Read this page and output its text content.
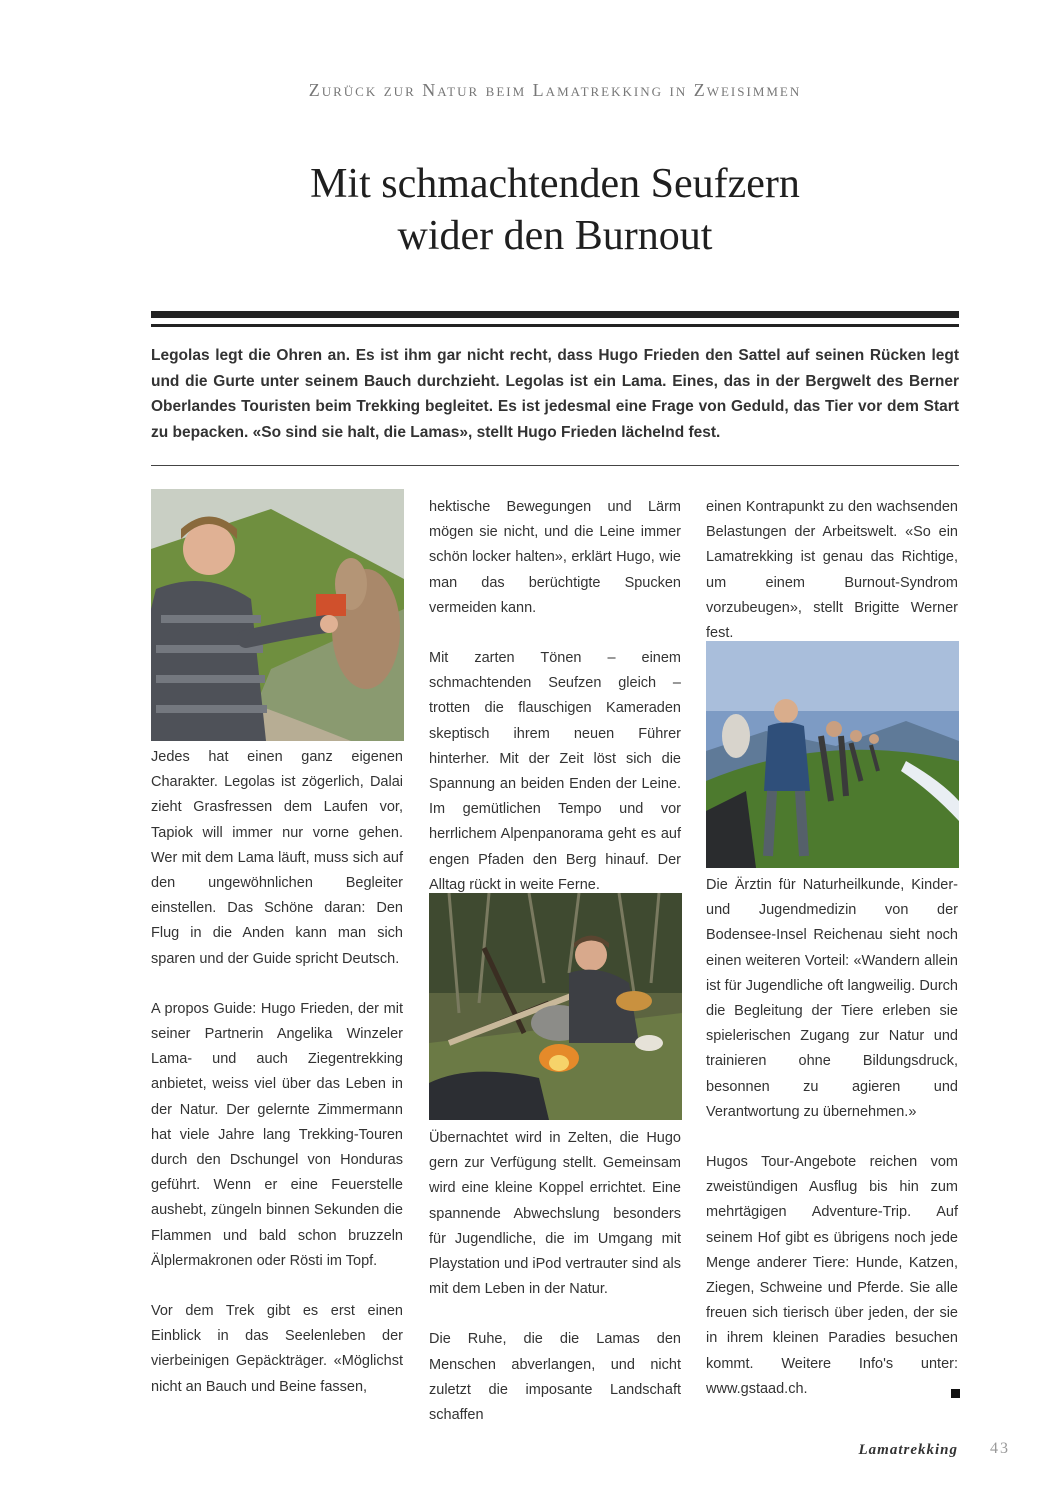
Zurück zur Natur beim Lamatrekking in Zweisimmen
Mit schmachtenden Seufzern
wider den Burnout

Legolas legt die Ohren an. Es ist ihm gar nicht recht, dass Hugo Frieden den Sattel auf seinen Rücken legt und die Gurte unter seinem Bauch durchzieht. Legolas ist ein Lama. Eines, das in der Bergwelt des Berner Oberlandes Touristen beim Trekking begleitet. Es ist jedesmal eine Frage von Geduld, das Tier vor dem Start zu bepacken. «So sind sie halt, die Lamas», stellt Hugo Frieden lächelnd fest.

Jedes hat einen ganz eigenen Charakter. Legolas ist zögerlich, Dalai zieht Grasfressen dem Laufen vor, Tapiok will immer nur vorne gehen. Wer mit dem Lama läuft, muss sich auf den ungewöhnlichen Begleiter einstellen. Das Schöne daran: Den Flug in die Anden kann man sich sparen und der Guide spricht Deutsch.

A propos Guide: Hugo Frieden, der mit seiner Partnerin Angelika Winzeler Lama- und auch Ziegentrekking anbietet, weiss viel über das Leben in der Natur. Der gelernte Zimmermann hat viele Jahre lang Trekking-Touren durch den Dschungel von Honduras geführt. Wenn er eine Feuerstelle aushebt, züngeln binnen Sekunden die Flammen und bald schon bruzzeln Älplermakronen oder Rösti im Topf.

Vor dem Trek gibt es erst einen Einblick in das Seelenleben der vierbeinigen Gepäckträger. «Möglichst nicht an Bauch und Beine fassen,

hektische Bewegungen und Lärm mögen sie nicht, und die Leine immer schön locker halten», erklärt Hugo, wie man das berüchtigte Spucken vermeiden kann.

Mit zarten Tönen – einem schmachtenden Seufzen gleich – trotten die flauschigen Kameraden skeptisch ihrem neuen Führer hinterher. Mit der Zeit löst sich die Spannung an beiden Enden der Leine. Im gemütlichen Tempo und vor herrlichem Alpenpanorama geht es auf engen Pfaden den Berg hinauf. Der Alltag rückt in weite Ferne.

Übernachtet wird in Zelten, die Hugo gern zur Verfügung stellt. Gemeinsam wird eine kleine Koppel errichtet. Eine spannende Abwechslung besonders für Jugendliche, die im Umgang mit Playstation und iPod vertrauter sind als mit dem Leben in der Natur.

Die Ruhe, die die Lamas den Menschen abverlangen, und nicht zuletzt die imposante Landschaft schaffen

einen Kontrapunkt zu den wachsenden Belastungen der Arbeitswelt. «So ein Lamatrekking ist genau das Richtige, um einem Burnout-Syndrom vorzubeugen», stellt Brigitte Werner fest.

Die Ärztin für Naturheilkunde, Kinder- und Jugendmedizin von der Bodensee-Insel Reichenau sieht noch einen weiteren Vorteil: «Wandern allein ist für Jugendliche oft langweilig. Durch die Begleitung der Tiere erleben sie spielerischen Zugang zur Natur und trainieren ohne Bildungsdruck, besonnen zu agieren und Verantwortung zu übernehmen.»

Hugos Tour-Angebote reichen vom zweistündigen Ausflug bis hin zum mehrtägigen Adventure-Trip. Auf seinem Hof gibt es übrigens noch jede Menge anderer Tiere: Hunde, Katzen, Ziegen, Schweine und Pferde. Sie alle freuen sich tierisch über jeden, der sie in ihrem kleinen Paradies besuchen kommt. Weitere Info's unter: www.gstaad.ch.

Lamatrekking 43
